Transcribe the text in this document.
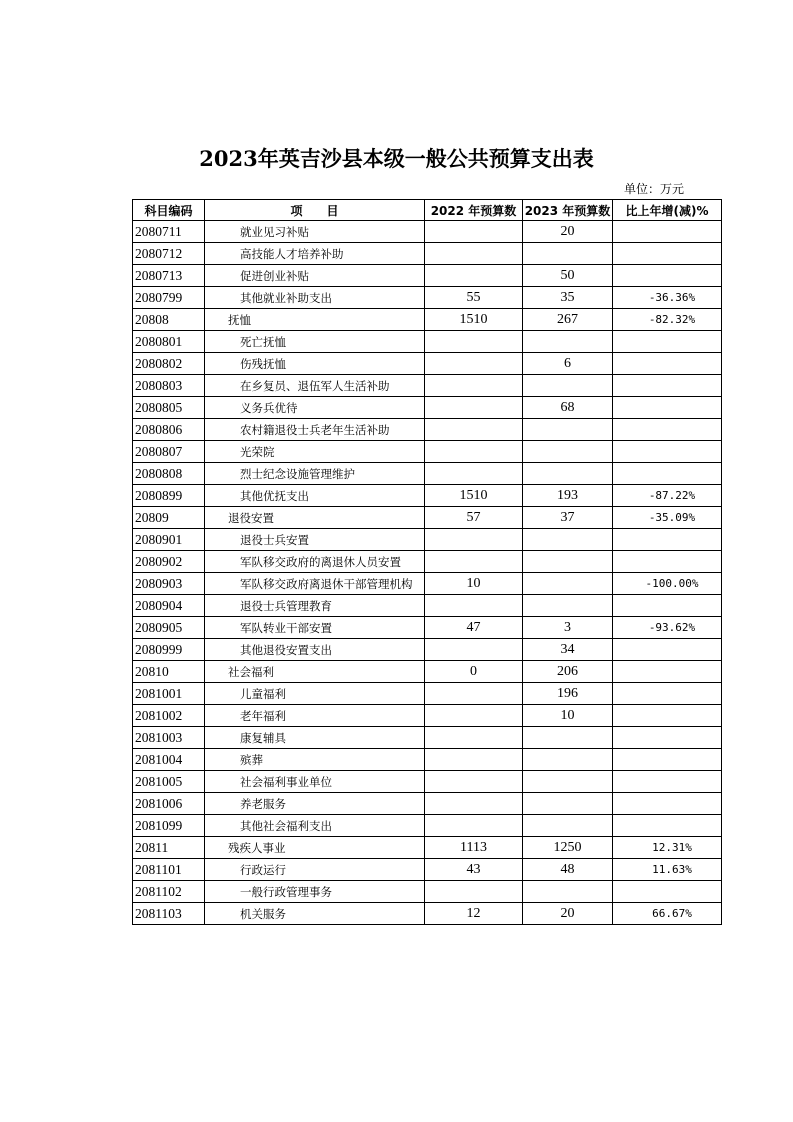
2023年英吉沙县本级一般公共预算支出表
单位：万元
科目编码	项　　目	2022 年预算数	2023 年预算数	比上年增(减)%
2080711	就业见习补贴		20	
2080712	高技能人才培养补助			
2080713	促进创业补贴		50	
2080799	其他就业补助支出	55	35	-36.36%
20808	抚恤	1510	267	-82.32%
2080801	死亡抚恤			
2080802	伤残抚恤		6	
2080803	在乡复员、退伍军人生活补助			
2080805	义务兵优待		68	
2080806	农村籍退役士兵老年生活补助			
2080807	光荣院			
2080808	烈士纪念设施管理维护			
2080899	其他优抚支出	1510	193	-87.22%
20809	退役安置	57	37	-35.09%
2080901	退役士兵安置			
2080902	军队移交政府的离退休人员安置			
2080903	军队移交政府离退休干部管理机构	10		-100.00%
2080904	退役士兵管理教育			
2080905	军队转业干部安置	47	3	-93.62%
2080999	其他退役安置支出		34	
20810	社会福利	0	206	
2081001	儿童福利		196	
2081002	老年福利		10	
2081003	康复辅具			
2081004	殡葬			
2081005	社会福利事业单位			
2081006	养老服务			
2081099	其他社会福利支出			
20811	残疾人事业	1113	1250	12.31%
2081101	行政运行	43	48	11.63%
2081102	一般行政管理事务			
2081103	机关服务	12	20	66.67%
